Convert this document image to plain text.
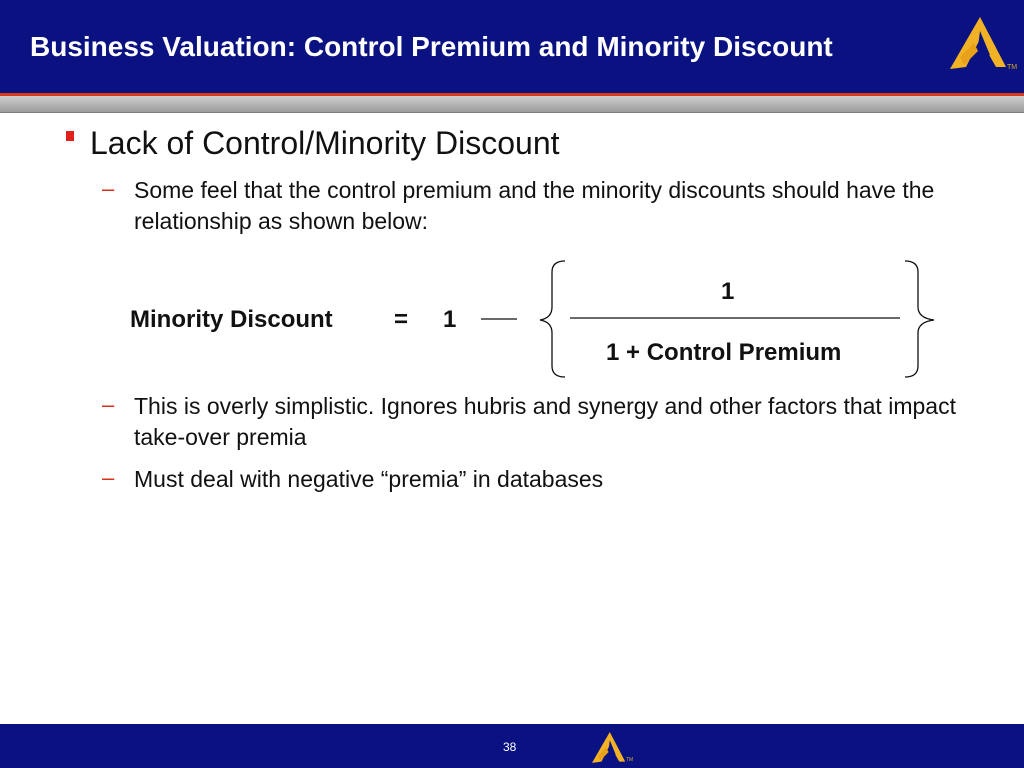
Business Valuation: Control Premium and Minority Discount
TM
Lack of Control/Minority Discount
– Some feel that the control premium and the minority discounts should have the relationship as shown below:
Minority Discount	= 1
1
1 + Control Premium
– This is overly simplistic. Ignores hubris and synergy and other factors that impact take-over premia
– Must deal with negative “premia” in databases
38
TM
